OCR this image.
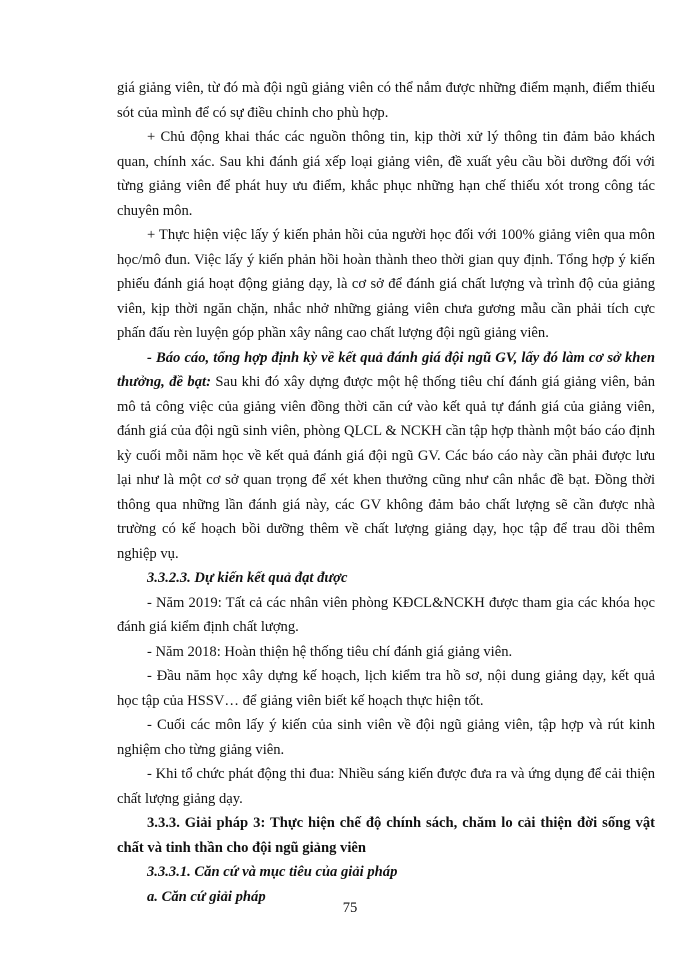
giá giảng viên, từ đó mà đội ngũ giảng viên có thể nắm được những điểm mạnh, điểm thiếu sót của mình để có sự điều chỉnh cho phù hợp.

+ Chủ động khai thác các nguồn thông tin, kịp thời xử lý thông tin đảm bảo khách quan, chính xác. Sau khi đánh giá xếp loại giảng viên, đề xuất yêu cầu bồi dưỡng đối với từng giảng viên để phát huy ưu điểm, khắc phục những hạn chế thiếu xót trong công tác chuyên môn.

+ Thực hiện việc lấy ý kiến phản hồi của người học đối với 100% giảng viên qua môn học/mô đun. Việc lấy ý kiến phản hồi hoàn thành theo thời gian quy định. Tổng hợp ý kiến phiếu đánh giá hoạt động giảng dạy, là cơ sở để đánh giá chất lượng và trình độ của giảng viên, kịp thời ngăn chặn, nhắc nhở những giảng viên chưa gương mẫu cần phải tích cực phấn đấu rèn luyện góp phần xây nâng cao chất lượng đội ngũ giảng viên.

- Báo cáo, tổng hợp định kỳ về kết quả đánh giá đội ngũ GV, lấy đó làm cơ sở khen thưởng, đề bạt: Sau khi đó xây dựng được một hệ thống tiêu chí đánh giá giảng viên, bản mô tả công việc của giảng viên đồng thời căn cứ vào kết quả tự đánh giá của giảng viên, đánh giá của đội ngũ sinh viên, phòng QLCL & NCKH cần tập hợp thành một báo cáo định kỳ cuối mỗi năm học về kết quả đánh giá đội ngũ GV. Các báo cáo này cần phải được lưu lại như là một cơ sở quan trọng để xét khen thưởng cũng như cân nhắc đề bạt. Đồng thời thông qua những lần đánh giá này, các GV không đảm bảo chất lượng sẽ cần được nhà trường có kế hoạch bồi dưỡng thêm về chất lượng giảng dạy, học tập để trau dồi thêm nghiệp vụ.

3.3.2.3. Dự kiến kết quả đạt được

- Năm 2019: Tất cả các nhân viên phòng KĐCL&NCKH được tham gia các khóa học đánh giá kiểm định chất lượng.

- Năm 2018: Hoàn thiện hệ thống tiêu chí đánh giá giảng viên.

- Đầu năm học xây dựng kế hoạch, lịch kiểm tra hồ sơ, nội dung giảng dạy, kết quả học tập của HSSV… để giảng viên biết kế hoạch thực hiện tốt.

- Cuối các môn lấy ý kiến của sinh viên về đội ngũ giảng viên, tập hợp và rút kinh nghiệm cho từng giảng viên.

- Khi tổ chức phát động thi đua: Nhiều sáng kiến được đưa ra và ứng dụng để cải thiện chất lượng giảng dạy.

3.3.3. Giải pháp 3: Thực hiện chế độ chính sách, chăm lo cải thiện đời sống vật chất và tinh thần cho đội ngũ giảng viên

3.3.3.1. Căn cứ và mục tiêu của giải pháp

a. Căn cứ giải pháp

75
